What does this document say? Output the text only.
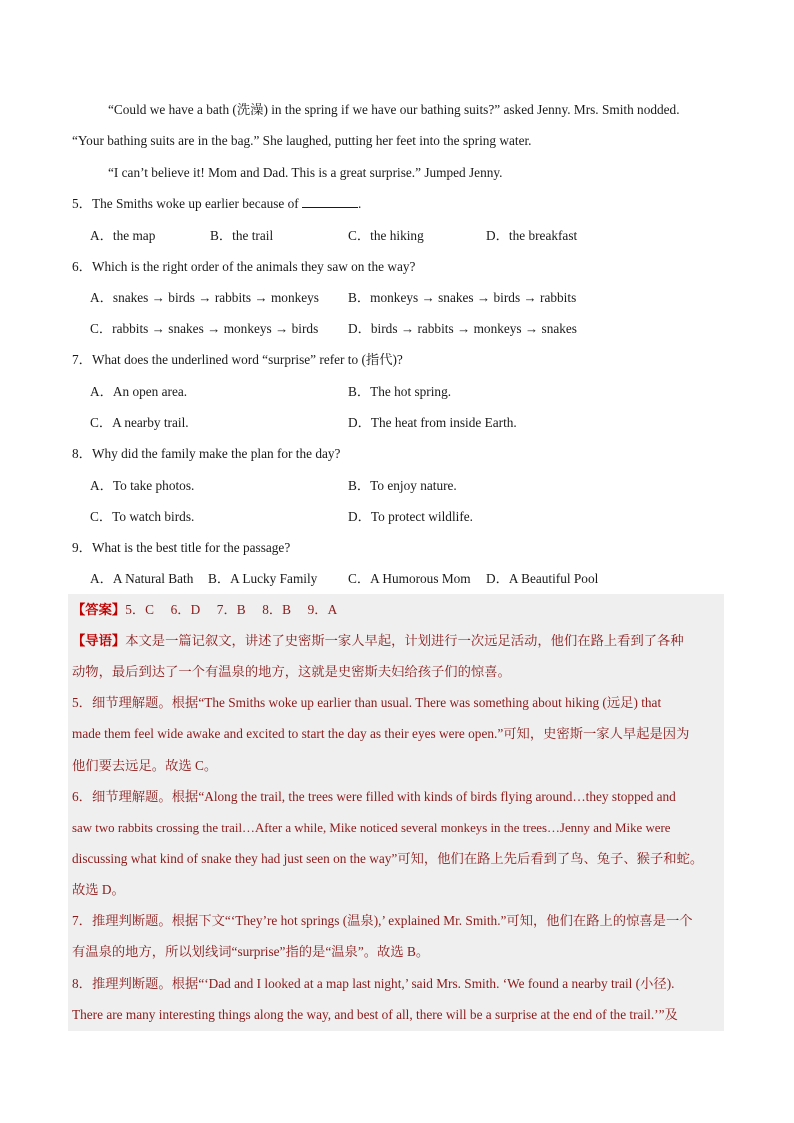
“Could we have a bath (洗澡) in the spring if we have our bathing suits?” asked Jenny. Mrs. Smith nodded.
“Your bathing suits are in the bag.” She laughed, putting her feet into the spring water.
“I can’t believe it! Mom and Dad. This is a great surprise.” Jumped Jenny.
5．The Smiths woke up earlier because of	.
A．the map	B．the trail	C．the hiking	D．the breakfast
6．Which is the right order of the animals they saw on the way?
A．snakes → birds → rabbits → monkeys B．monkeys → snakes → birds → rabbits
C．rabbits → snakes → monkeys → birds D．birds → rabbits → monkeys → snakes
7．What does the underlined word “surprise” refer to (指代)?
A．An open area.	B．The hot spring.
C．A nearby trail.	D．The heat from inside Earth.
8．Why did the family make the plan for the day?
A．To take photos.	B．To enjoy nature.
C．To watch birds.	D．To protect wildlife.
9．What is the best title for the passage?
A．A Natural Bath B．A Lucky Family C．A Humorous Mom D．A Beautiful Pool
【答案】5．C　 6．D　 7．B　 8．B　 9．A
【导语】本文是一篇记叙文，讲述了史密斯一家人早起，计划进行一次远足活动，他们在路上看到了各种
动物，最后到达了一个有温泉的地方，这就是史密斯夫妇给孩子们的惊喜。
5．细节理解题。根据“The Smiths woke up earlier than usual. There was something about hiking (远足) that
made them feel wide awake and excited to start the day as their eyes were open.”可知，史密斯一家人早起是因为
他们要去远足。故选 C。
6．细节理解题。根据“Along the trail, the trees were filled with kinds of birds flying around…they stopped and
saw two rabbits crossing the trail…After a while, Mike noticed several monkeys in the trees…Jenny and Mike were
discussing what kind of snake they had just seen on the way”可知，他们在路上先后看到了鸟、兔子、猴子和蛇。
故选 D。
7．推理判断题。根据下文“‘They’re hot springs (温泉),’ explained Mr. Smith.”可知，他们在路上的惊喜是一个
有温泉的地方，所以划线词“surprise”指的是“温泉”。故选 B。
8．推理判断题。根据“‘Dad and I looked at a map last night,’ said Mrs. Smith. ‘We found a nearby trail (小径).
There are many interesting things along the way, and best of all, there will be a surprise at the end of the trail.’”及
